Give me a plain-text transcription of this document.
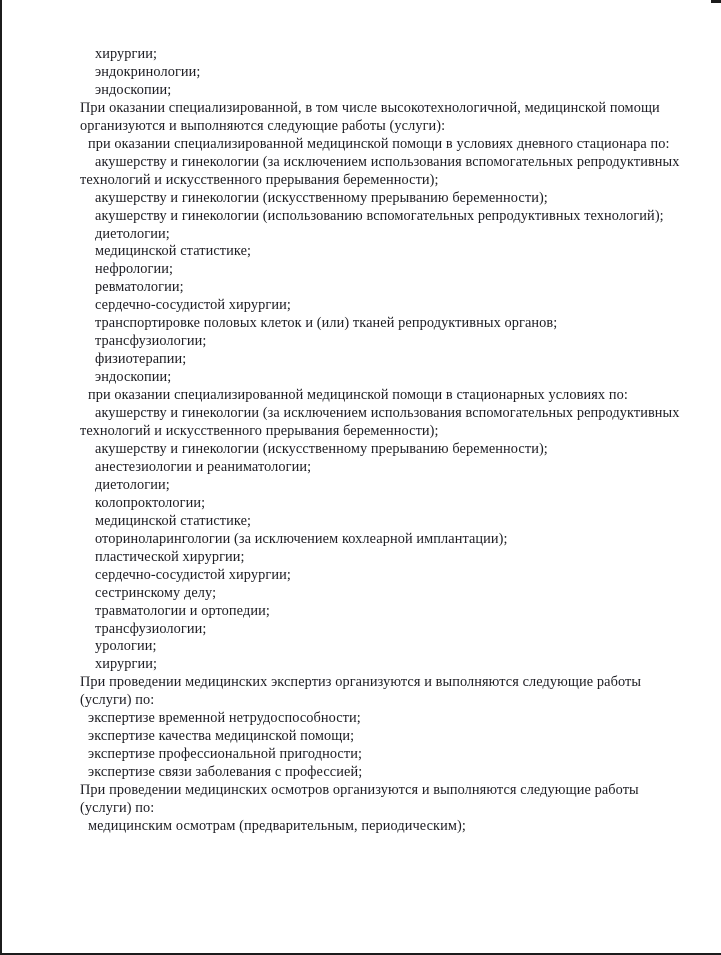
хирургии;
эндокринологии;
эндоскопии;
При оказании специализированной, в том числе высокотехнологичной, медицинской помощи
организуются и выполняются следующие работы (услуги):
при оказании специализированной медицинской помощи в условиях дневного стационара по:
акушерству и гинекологии (за исключением использования вспомогательных репродуктивных
технологий и искусственного прерывания беременности);
акушерству и гинекологии (искусственному прерыванию беременности);
акушерству и гинекологии (использованию вспомогательных репродуктивных технологий);
диетологии;
медицинской статистике;
нефрологии;
ревматологии;
сердечно-сосудистой хирургии;
транспортировке половых клеток и (или) тканей репродуктивных органов;
трансфузиологии;
физиотерапии;
эндоскопии;
при оказании специализированной медицинской помощи в стационарных условиях по:
акушерству и гинекологии (за исключением использования вспомогательных репродуктивных
технологий и искусственного прерывания беременности);
акушерству и гинекологии (искусственному прерыванию беременности);
анестезиологии и реаниматологии;
диетологии;
колопроктологии;
медицинской статистике;
оториноларингологии (за исключением кохлеарной имплантации);
пластической хирургии;
сердечно-сосудистой хирургии;
сестринскому делу;
травматологии и ортопедии;
трансфузиологии;
урологии;
хирургии;
При проведении медицинских экспертиз организуются и выполняются следующие работы
(услуги) по:
экспертизе временной нетрудоспособности;
экспертизе качества медицинской помощи;
экспертизе профессиональной пригодности;
экспертизе связи заболевания с профессией;
При проведении медицинских осмотров организуются и выполняются следующие работы
(услуги) по:
медицинским осмотрам (предварительным, периодическим);
